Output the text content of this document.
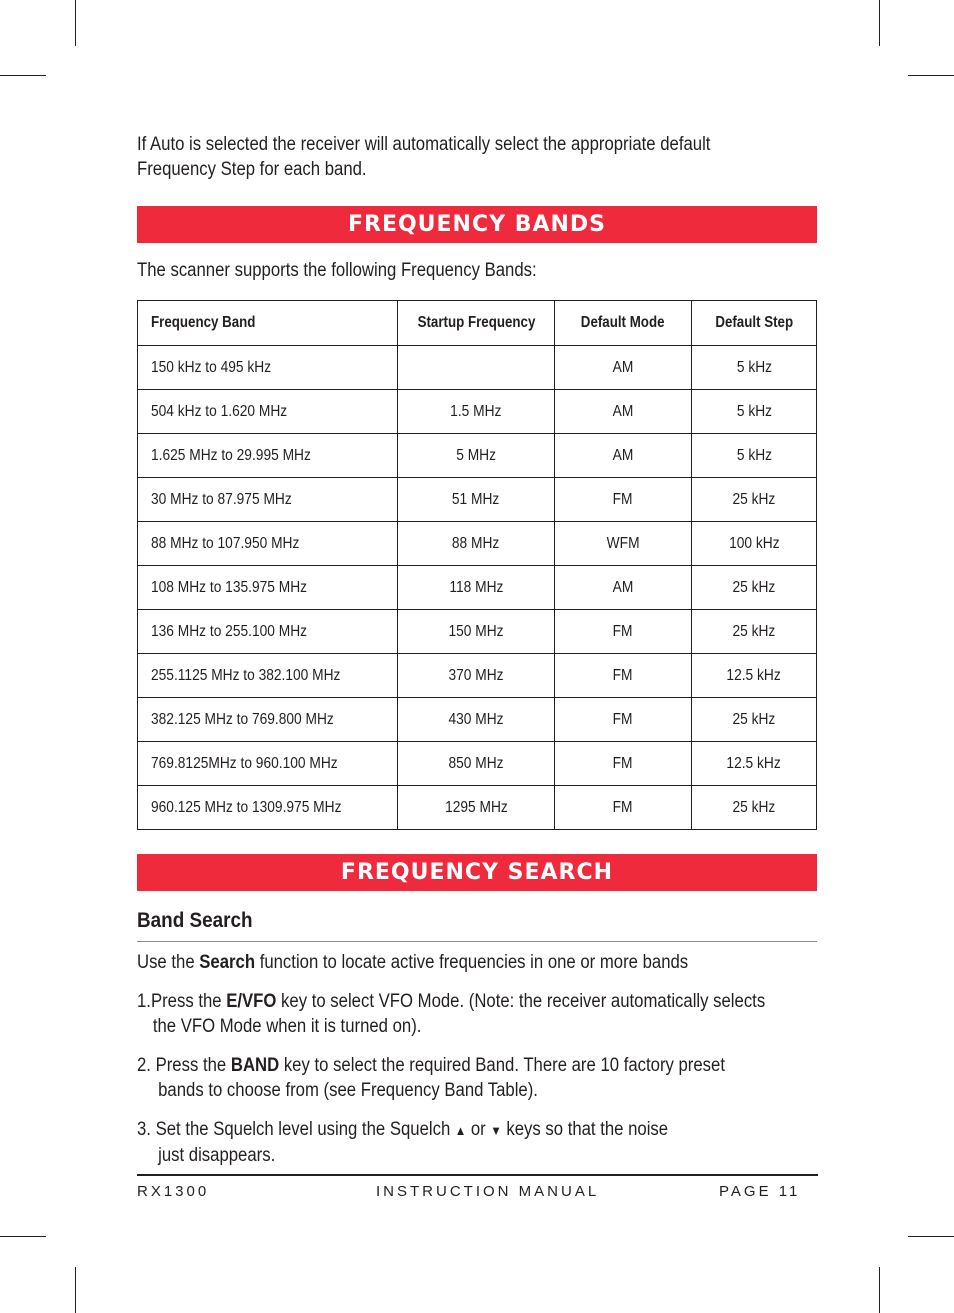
If Auto is selected the receiver will automatically select the appropriate default
Frequency Step for each band.

FREQUENCY BANDS
The scanner supports the following Frequency Bands:
Frequency Band	Startup Frequency	Default Mode	Default Step
150 kHz to 495 kHz		AM	5 kHz
504 kHz to 1.620 MHz	1.5 MHz	AM	5 kHz
1.625 MHz to 29.995 MHz	5 MHz	AM	5 kHz
30 MHz to 87.975 MHz	51 MHz	FM	25 kHz
88 MHz to 107.950 MHz	88 MHz	WFM	100 kHz
108 MHz to 135.975 MHz	118 MHz	AM	25 kHz
136 MHz to 255.100 MHz	150 MHz	FM	25 kHz
255.1125 MHz to 382.100 MHz	370 MHz	FM	12.5 kHz
382.125 MHz to 769.800 MHz	430 MHz	FM	25 kHz
769.8125MHz to 960.100 MHz	850 MHz	FM	12.5 kHz
960.125 MHz to 1309.975 MHz	1295 MHz	FM	25 kHz
FREQUENCY SEARCH
Band Search
Use the Search function to locate active frequencies in one or more bands
1.Press the E/VFO key to select VFO Mode. (Note: the receiver automatically selects
the VFO Mode when it is turned on).
2. Press the BAND key to select the required Band. There are 10 factory preset
bands to choose from (see Frequency Band Table).
3. Set the Squelch level using the Squelch ▲ or ▼ keys so that the noise
just disappears.
RX1300	INSTRUCTION MANUAL	PAGE 11
